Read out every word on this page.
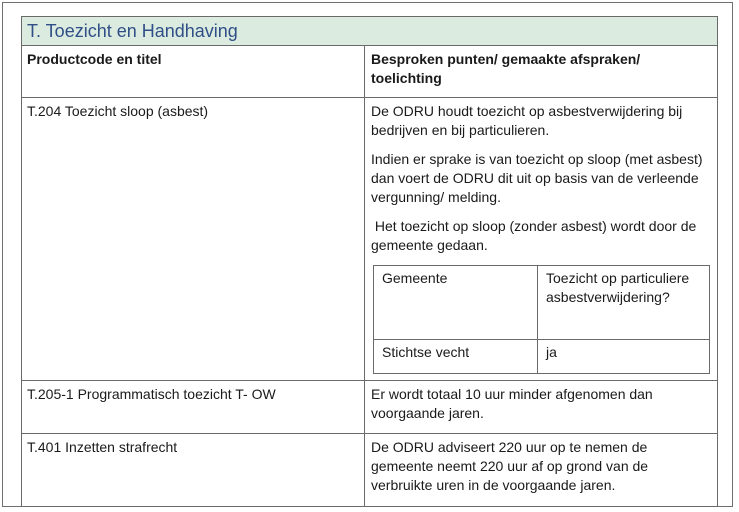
T. Toezicht en Handhaving
Productcode en titel	Besproken punten/ gemaakte afspraken/ toelichting
T.204 Toezicht sloop (asbest)	De ODRU houdt toezicht op asbestverwijdering bij bedrijven en bij particulieren.

Indien er sprake is van toezicht op sloop (met asbest) dan voert de ODRU dit uit op basis van de verleende vergunning/ melding.

Het toezicht op sloop (zonder asbest) wordt door de gemeente gedaan.

Gemeente	Toezicht op particuliere asbestverwijdering?
Stichtse vecht	ja

T.205-1 Programmatisch toezicht T- OW	Er wordt totaal 10 uur minder afgenomen dan voorgaande jaren.

T.401 Inzetten strafrecht	De ODRU adviseert 220 uur op te nemen de gemeente neemt 220 uur af op grond van de verbruikte uren in de voorgaande jaren.
